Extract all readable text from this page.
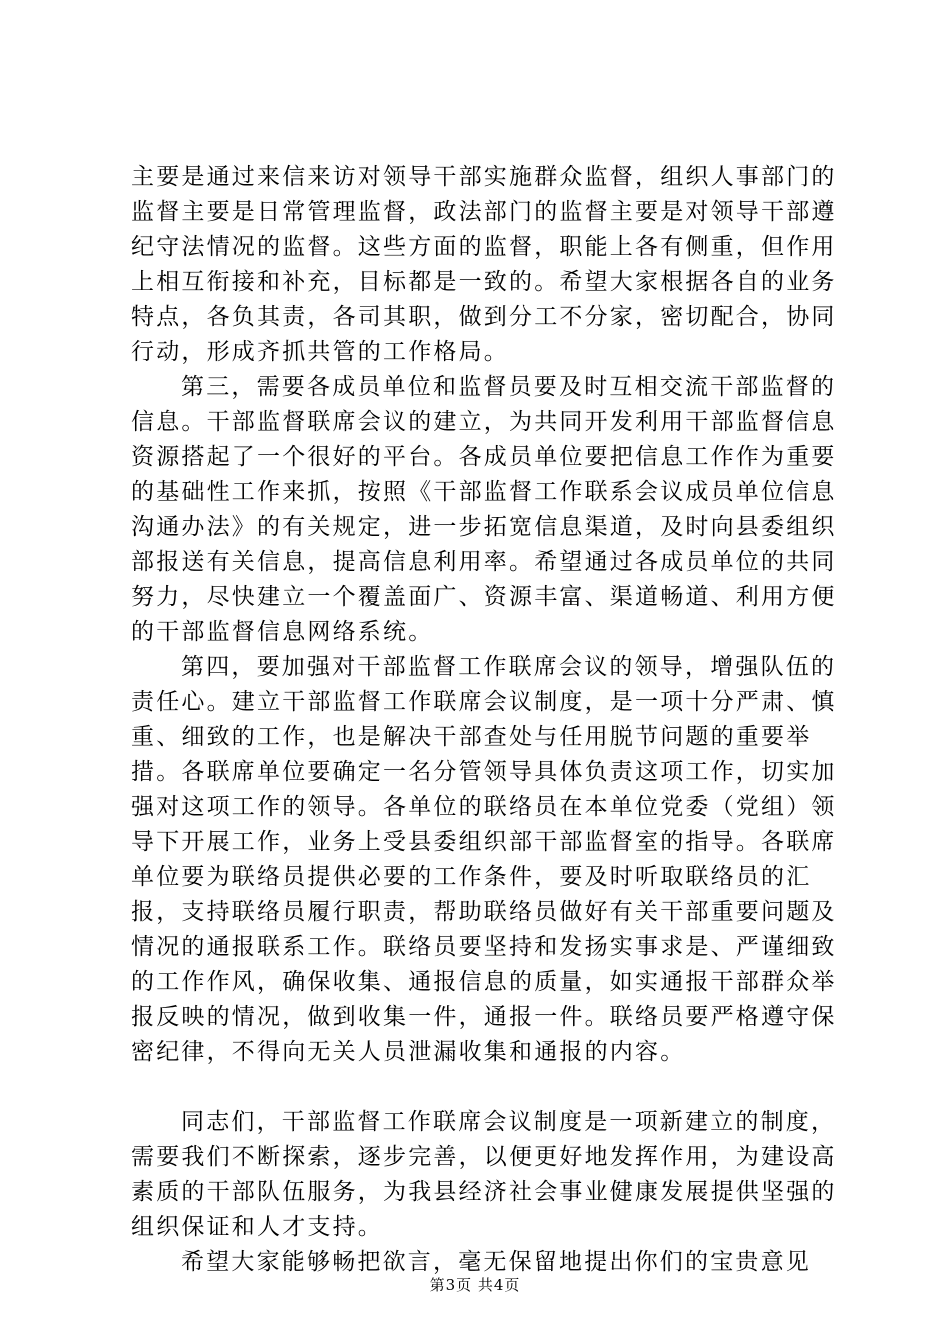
主要是通过来信来访对领导干部实施群众监督，组织人事部门的监督主要是日常管理监督，政法部门的监督主要是对领导干部遵纪守法情况的监督。这些方面的监督，职能上各有侧重，但作用上相互衔接和补充，目标都是一致的。希望大家根据各自的业务特点，各负其责，各司其职，做到分工不分家，密切配合，协同行动，形成齐抓共管的工作格局。

第三，需要各成员单位和监督员要及时互相交流干部监督的信息。干部监督联席会议的建立，为共同开发利用干部监督信息资源搭起了一个很好的平台。各成员单位要把信息工作作为重要的基础性工作来抓，按照《干部监督工作联系会议成员单位信息沟通办法》的有关规定，进一步拓宽信息渠道，及时向县委组织部报送有关信息，提高信息利用率。希望通过各成员单位的共同努力，尽快建立一个覆盖面广、资源丰富、渠道畅道、利用方便的干部监督信息网络系统。

第四，要加强对干部监督工作联席会议的领导，增强队伍的责任心。建立干部监督工作联席会议制度，是一项十分严肃、慎重、细致的工作，也是解决干部查处与任用脱节问题的重要举措。各联席单位要确定一名分管领导具体负责这项工作，切实加强对这项工作的领导。各单位的联络员在本单位党委（党组）领导下开展工作，业务上受县委组织部干部监督室的指导。各联席单位要为联络员提供必要的工作条件，要及时听取联络员的汇报，支持联络员履行职责，帮助联络员做好有关干部重要问题及情况的通报联系工作。联络员要坚持和发扬实事求是、严谨细致的工作作风，确保收集、通报信息的质量，如实通报干部群众举报反映的情况，做到收集一件，通报一件。联络员要严格遵守保密纪律，不得向无关人员泄漏收集和通报的内容。

同志们，干部监督工作联席会议制度是一项新建立的制度，需要我们不断探索，逐步完善，以便更好地发挥作用，为建设高素质的干部队伍服务，为我县经济社会事业健康发展提供坚强的组织保证和人才支持。

希望大家能够畅把欲言，毫无保留地提出你们的宝贵意见

第3页 共4页
